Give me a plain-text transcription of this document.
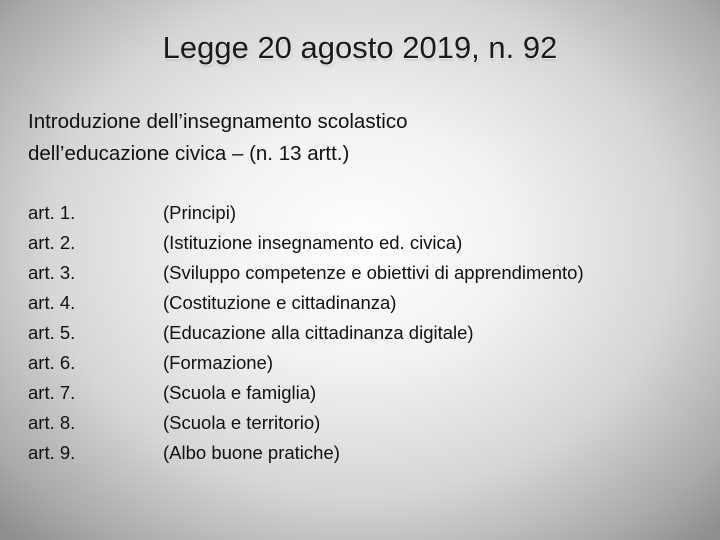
Legge 20 agosto 2019, n. 92
Introduzione dell’insegnamento scolastico
dell’educazione civica – (n. 13 artt.)
art. 1.	(Principi)
art. 2.	(Istituzione insegnamento ed. civica)
art. 3.	(Sviluppo competenze e obiettivi di apprendimento)
art. 4.	(Costituzione e cittadinanza)
art. 5.	(Educazione alla cittadinanza digitale)
art. 6.	(Formazione)
art. 7.	(Scuola e famiglia)
art. 8.	(Scuola e territorio)
art. 9.	(Albo buone pratiche)
